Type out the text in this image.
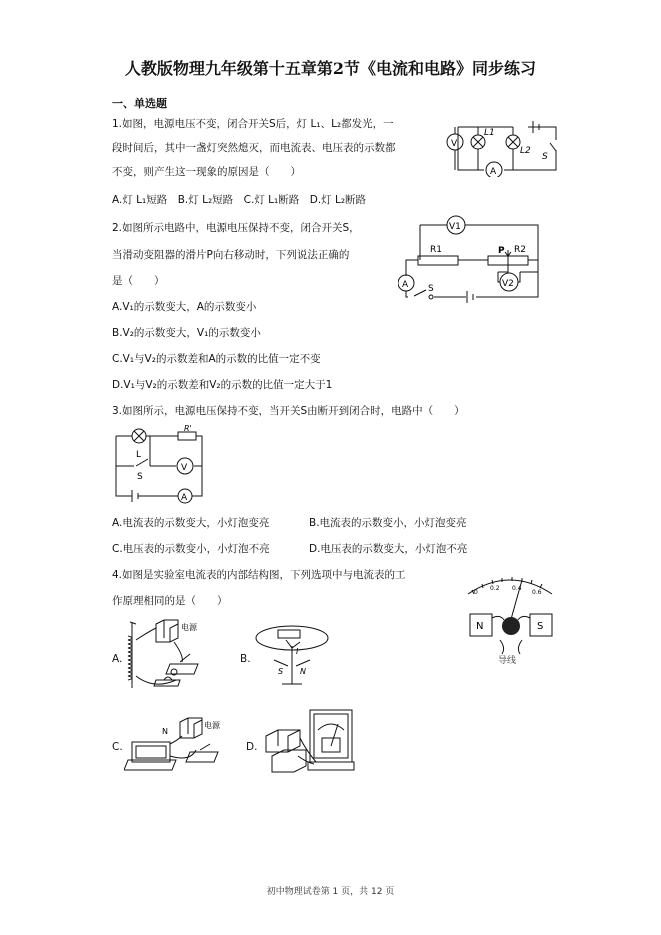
人教版物理九年级第十五章第2节《电流和电路》同步练习
一、单选题
1.如图，电源电压不变，闭合开关S后，灯 L₁、L₂都发光，一
段时间后，其中一盏灯突然熄灭，而电流表、电压表的示数都
不变，则产生这一现象的原因是（　　）
A.灯 L₁短路　B.灯 L₂短路　C.灯 L₁断路　D.灯 L₂断路
V
A
L1
L2
S
2.如图所示电路中，电源电压保持不变，闭合开关S，
当滑动变阻器的滑片P向右移动时，下列说法正确的
是（　　）
A.V₁的示数变大，A的示数变小
B.V₂的示数变大，V₁的示数变小
C.V₁与V₂的示数差和A的示数的比值一定不变
D.V₁与V₂的示数差和V₂的示数的比值一定大于1
V1
V2
R1	R2
P
A S
3.如图所示，电源电压保持不变，当开关S由断开到闭合时，电路中（　　）
L
R'
V
S
A
A.电流表的示数变大，小灯泡变亮	B.电流表的示数变小，小灯泡变亮
C.电压表的示数变小，小灯泡不亮	D.电压表的示数变大，小灯泡不亮
4.如图是实验室电流表的内部结构图，下列选项中与电流表的工
作原理相同的是（　　）
0
0.2 0.4
0.6
N	S
导线
A.
电源
B.
S N
I
C.
N
电源
D.
初中物理试卷第 1 页，共 12 页
